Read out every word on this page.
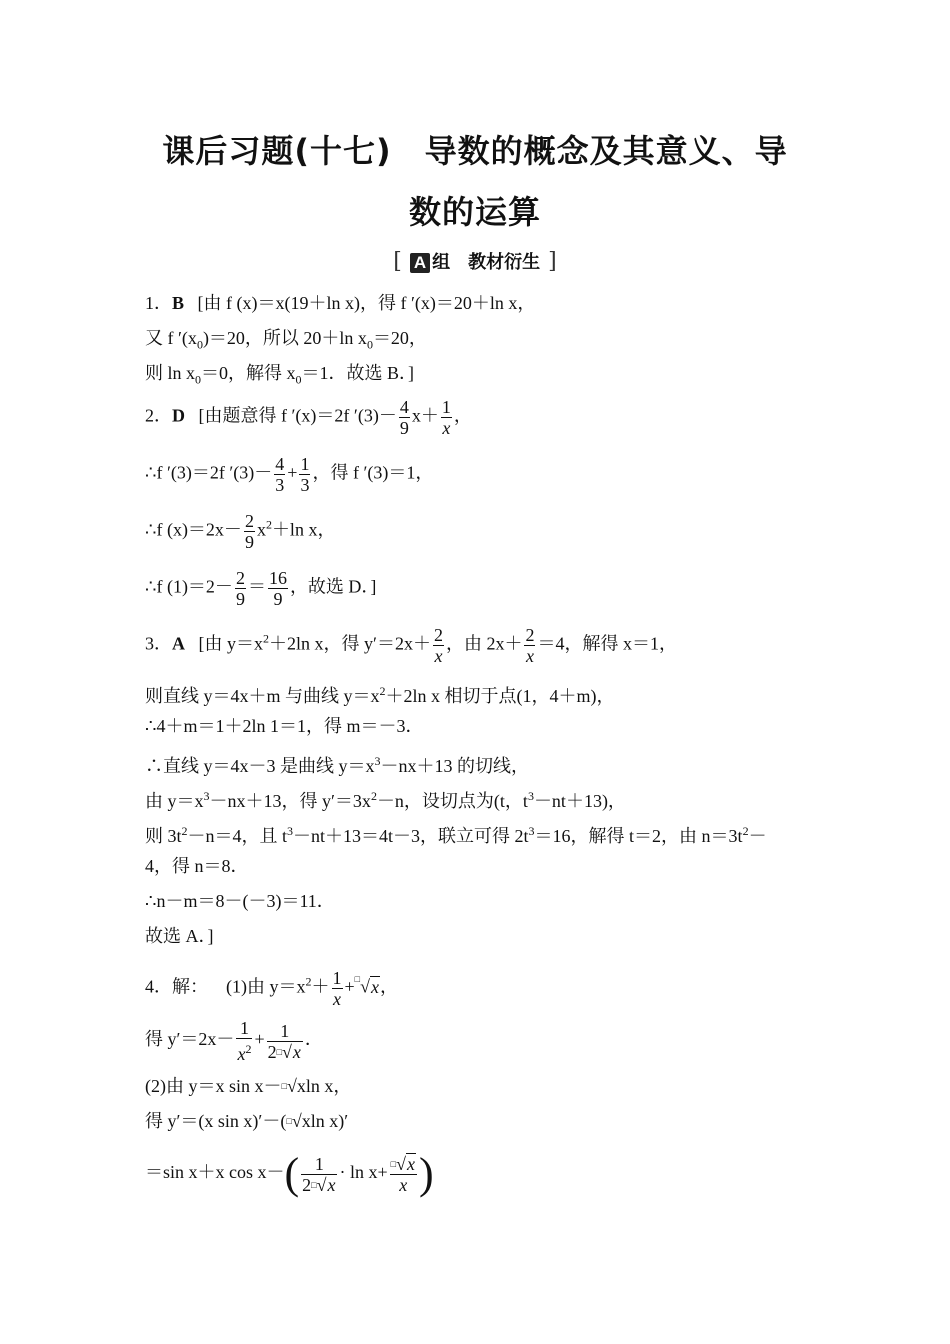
课后习题(十七)　导数的概念及其意义、导
数的运算
[ A 组　教材衍生 ]
1．B [由 f (x)＝x(19＋ln x)，得 f ′(x)＝20＋ln x，
又 f $'(x_0)=20$，所以 20＋ln $x_0=20$，
则 $\ln x_0=0$，解得 $x_0=1$．故选 B．]
2．D [由题意得 f ′(x)＝2f $'(3)- \frac{4}{9} x+ \frac{1}{x}$ ，
∴f ′(3)＝2f $'(3)- \frac{4}{3} + \frac{1}{3}$ ，得 f ′(3)＝1，
∴f $(x)=2x- \frac{2}{9} x^2+\ln$ x，
∴f $(1)=2- \frac{2}{9} = \frac{16}{9}$ ，故选 D．]
3．A [由 $y=x^2+2\ln$ x，得 $y'=2x+ \frac{2}{x}$ ，由 $2x+ \frac{2}{x} =4$，解得 x＝1，
则直线 y＝4x＋m 与曲线 $y=x^2+2\ln$ x 相切于点(1，4＋m)，
∴4＋m＝1＋2ln 1＝1，得 m＝－3．
∴直线 y＝4x－3 是曲线 $y=x^3-nx+13$ 的切线，
由 $y=x^3-nx+13$，得 $y'=3x^2-n$，设切点为(t，$t^3-nt+13$)，
则 $3t^2-n=4$，且 $t^3-nt+13=4t-3$，联立可得 $2t^3=16$，解得 t＝2，由 $n=3t^2-$
4，得 n＝8．
∴n－m＝8－(－3)＝11．
故选 A．]
4．解： (1)由 $y=x^2+ \frac{1}{x} +^□√x$，
得 $y'=2x- \frac{1}{x^2} + \frac{1}{2^□√x}$ ．
(2)由 y＝x sin x－□√xln x，
得 y′＝(x sin x)′－(□√xln x)′
＝sin x＋x $\cos x-( \frac{1}{2^□√x} \cdot \ln x+ \frac{^□√x}{x}$ )
